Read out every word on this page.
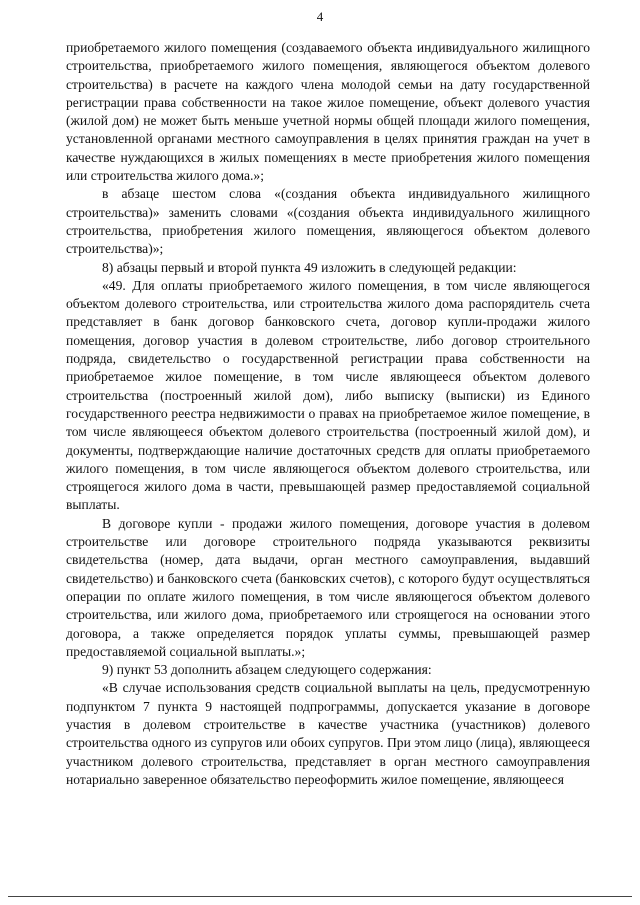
4

приобретаемого жилого помещения (создаваемого объекта индивидуального жилищного строительства, приобретаемого жилого помещения, являющегося объектом долевого строительства) в расчете на каждого члена молодой семьи на дату государственной регистрации права собственности на такое жилое помещение, объект долевого участия (жилой дом) не может быть меньше учетной нормы общей площади жилого помещения, установленной органами местного самоуправления в целях принятия граждан на учет в качестве нуждающихся в жилых помещениях в месте приобретения жилого помещения или строительства жилого дома.»;

в абзаце шестом слова «(создания объекта индивидуального жилищного строительства)» заменить словами «(создания объекта индивидуального жилищного строительства, приобретения жилого помещения, являющегося объектом долевого строительства)»;

8) абзацы первый и второй пункта 49 изложить в следующей редакции:

«49. Для оплаты приобретаемого жилого помещения, в том числе являющегося объектом долевого строительства, или строительства жилого дома распорядитель счета представляет в банк договор банковского счета, договор купли-продажи жилого помещения, договор участия в долевом строительстве, либо договор строительного подряда, свидетельство о государственной регистрации права собственности на приобретаемое жилое помещение, в том числе являющееся объектом долевого строительства (построенный жилой дом), либо выписку (выписки) из Единого государственного реестра недвижимости о правах на приобретаемое жилое помещение, в том числе являющееся объектом долевого строительства (построенный жилой дом), и документы, подтверждающие наличие достаточных средств для оплаты приобретаемого жилого помещения, в том числе являющегося объектом долевого строительства, или строящегося жилого дома в части, превышающей размер предоставляемой социальной выплаты.

В договоре купли - продажи жилого помещения, договоре участия в долевом строительстве или договоре строительного подряда указываются реквизиты свидетельства (номер, дата выдачи, орган местного самоуправления, выдавший свидетельство) и банковского счета (банковских счетов), с которого будут осуществляться операции по оплате жилого помещения, в том числе являющегося объектом долевого строительства, или жилого дома, приобретаемого или строящегося на основании этого договора, а также определяется порядок уплаты суммы, превышающей размер предоставляемой социальной выплаты.»;

9) пункт 53 дополнить абзацем следующего содержания:

«В случае использования средств социальной выплаты на цель, предусмотренную подпунктом 7 пункта 9 настоящей подпрограммы, допускается указание в договоре участия в долевом строительстве в качестве участника (участников) долевого строительства одного из супругов или обоих супругов. При этом лицо (лица), являющееся участником долевого строительства, представляет в орган местного самоуправления нотариально заверенное обязательство переоформить жилое помещение, являющееся
